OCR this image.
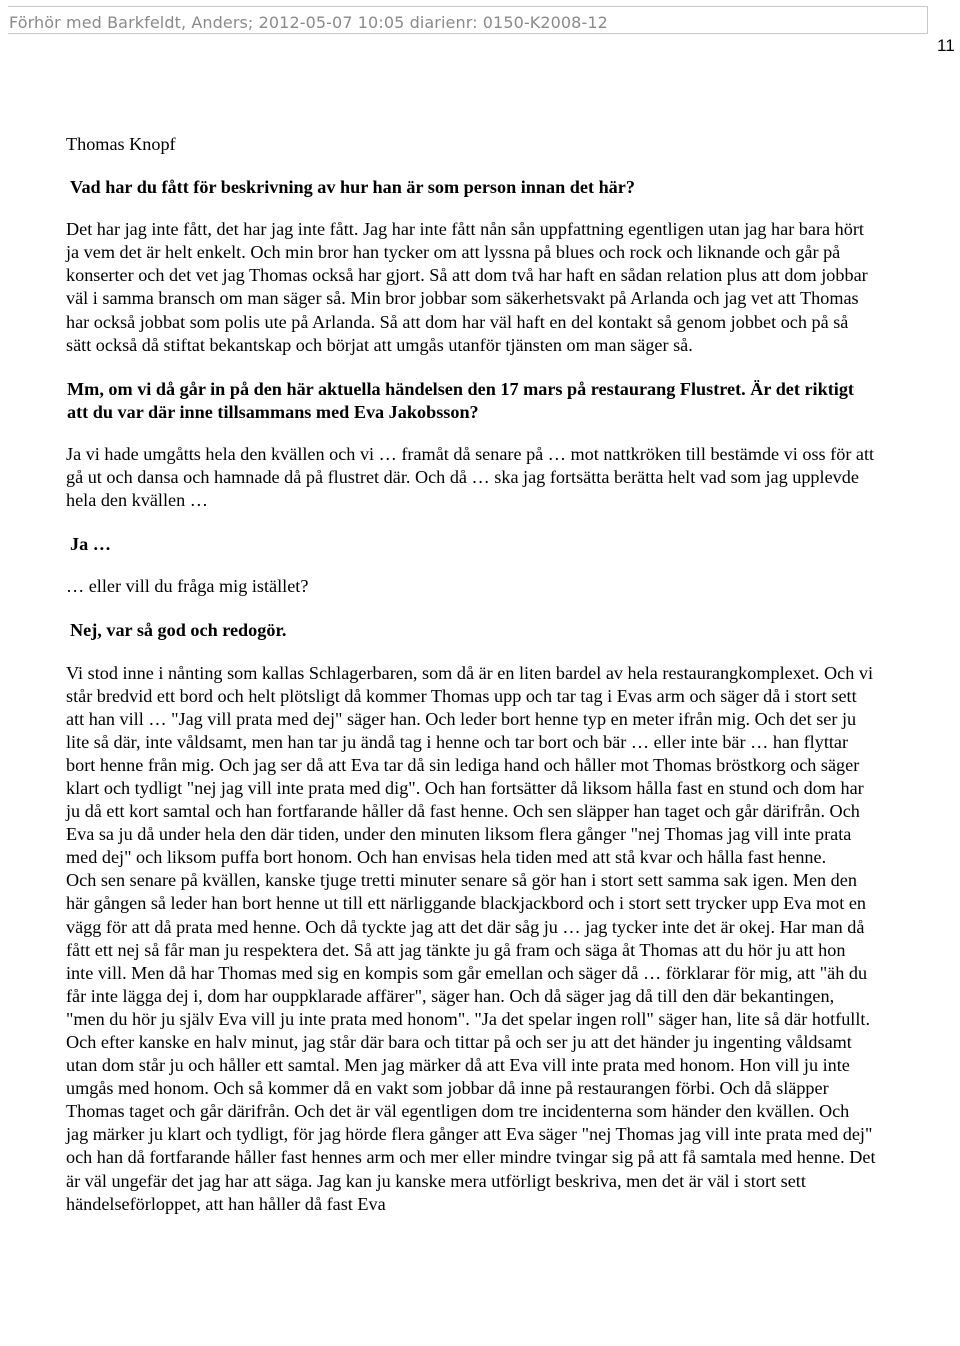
Förhör med Barkfeldt, Anders; 2012-05-07 10:05 diarienr: 0150-K2008-12
11

Thomas Knopf

Vad har du fått för beskrivning av hur han är som person innan det här?

Det har jag inte fått, det har jag inte fått. Jag har inte fått nån sån uppfattning egentligen utan jag har bara hört ja vem det är helt enkelt. Och min bror han tycker om att lyssna på blues och rock och liknande och går på konserter och det vet jag Thomas också har gjort. Så att dom två har haft en sådan relation plus att dom jobbar väl i samma bransch om man säger så. Min bror jobbar som säkerhetsvakt på Arlanda och jag vet att Thomas har också jobbat som polis ute på Arlanda. Så att dom har väl haft en del kontakt så genom jobbet och på så sätt också då stiftat bekantskap och börjat att umgås utanför tjänsten om man säger så.

Mm, om vi då går in på den här aktuella händelsen den 17 mars på restaurang Flustret. Är det riktigt att du var där inne tillsammans med Eva Jakobsson?

Ja vi hade umgåtts hela den kvällen och vi … framåt då senare på … mot nattkröken till bestämde vi oss för att gå ut och dansa och hamnade då på flustret där. Och då … ska jag fortsätta berätta helt vad som jag upplevde hela den kvällen …

Ja …

… eller vill du fråga mig istället?

Nej, var så god och redogör.

Vi stod inne i nånting som kallas Schlagerbaren, som då är en liten bardel av hela restaurangkomplexet. Och vi står bredvid ett bord och helt plötsligt då kommer Thomas upp och tar tag i Evas arm och säger då i stort sett att han vill … "Jag vill prata med dej" säger han. Och leder bort henne typ en meter ifrån mig. Och det ser ju lite så där, inte våldsamt, men han tar ju ändå tag i henne och tar bort och bär … eller inte bär … han flyttar bort henne från mig. Och jag ser då att Eva tar då sin lediga hand och håller mot Thomas bröstkorg och säger klart och tydligt "nej jag vill inte prata med dig". Och han fortsätter då liksom hålla fast en stund och dom har ju då ett kort samtal och han fortfarande håller då fast henne. Och sen släpper han taget och går därifrån. Och Eva sa ju då under hela den där tiden, under den minuten liksom flera gånger "nej Thomas jag vill inte prata med dej" och liksom puffa bort honom. Och han envisas hela tiden med att stå kvar och hålla fast henne.

Och sen senare på kvällen, kanske tjuge tretti minuter senare så gör han i stort sett samma sak igen. Men den här gången så leder han bort henne ut till ett närliggande blackjackbord och i stort sett trycker upp Eva mot en vägg för att då prata med henne. Och då tyckte jag att det där såg ju … jag tycker inte det är okej. Har man då fått ett nej så får man ju respektera det. Så att jag tänkte ju gå fram och säga åt Thomas att du hör ju att hon inte vill. Men då har Thomas med sig en kompis som går emellan och säger då … förklarar för mig, att "äh du får inte lägga dej i, dom har ouppklarade affärer", säger han. Och då säger jag då till den där bekantingen, "men du hör ju själv Eva vill ju inte prata med honom". "Ja det spelar ingen roll" säger han, lite så där hotfullt. Och efter kanske en halv minut, jag står där bara och tittar på och ser ju att det händer ju ingenting våldsamt utan dom står ju och håller ett samtal. Men jag märker då att Eva vill inte prata med honom. Hon vill ju inte umgås med honom. Och så kommer då en vakt som jobbar då inne på restaurangen förbi. Och då släpper Thomas taget och går därifrån. Och det är väl egentligen dom tre incidenterna som händer den kvällen. Och jag märker ju klart och tydligt, för jag hörde flera gånger att Eva säger "nej Thomas jag vill inte prata med dej" och han då fortfarande håller fast hennes arm och mer eller mindre tvingar sig på att få samtala med henne. Det är väl ungefär det jag har att säga. Jag kan ju kanske mera utförligt beskriva, men det är väl i stort sett händelseförloppet, att han håller då fast Eva
